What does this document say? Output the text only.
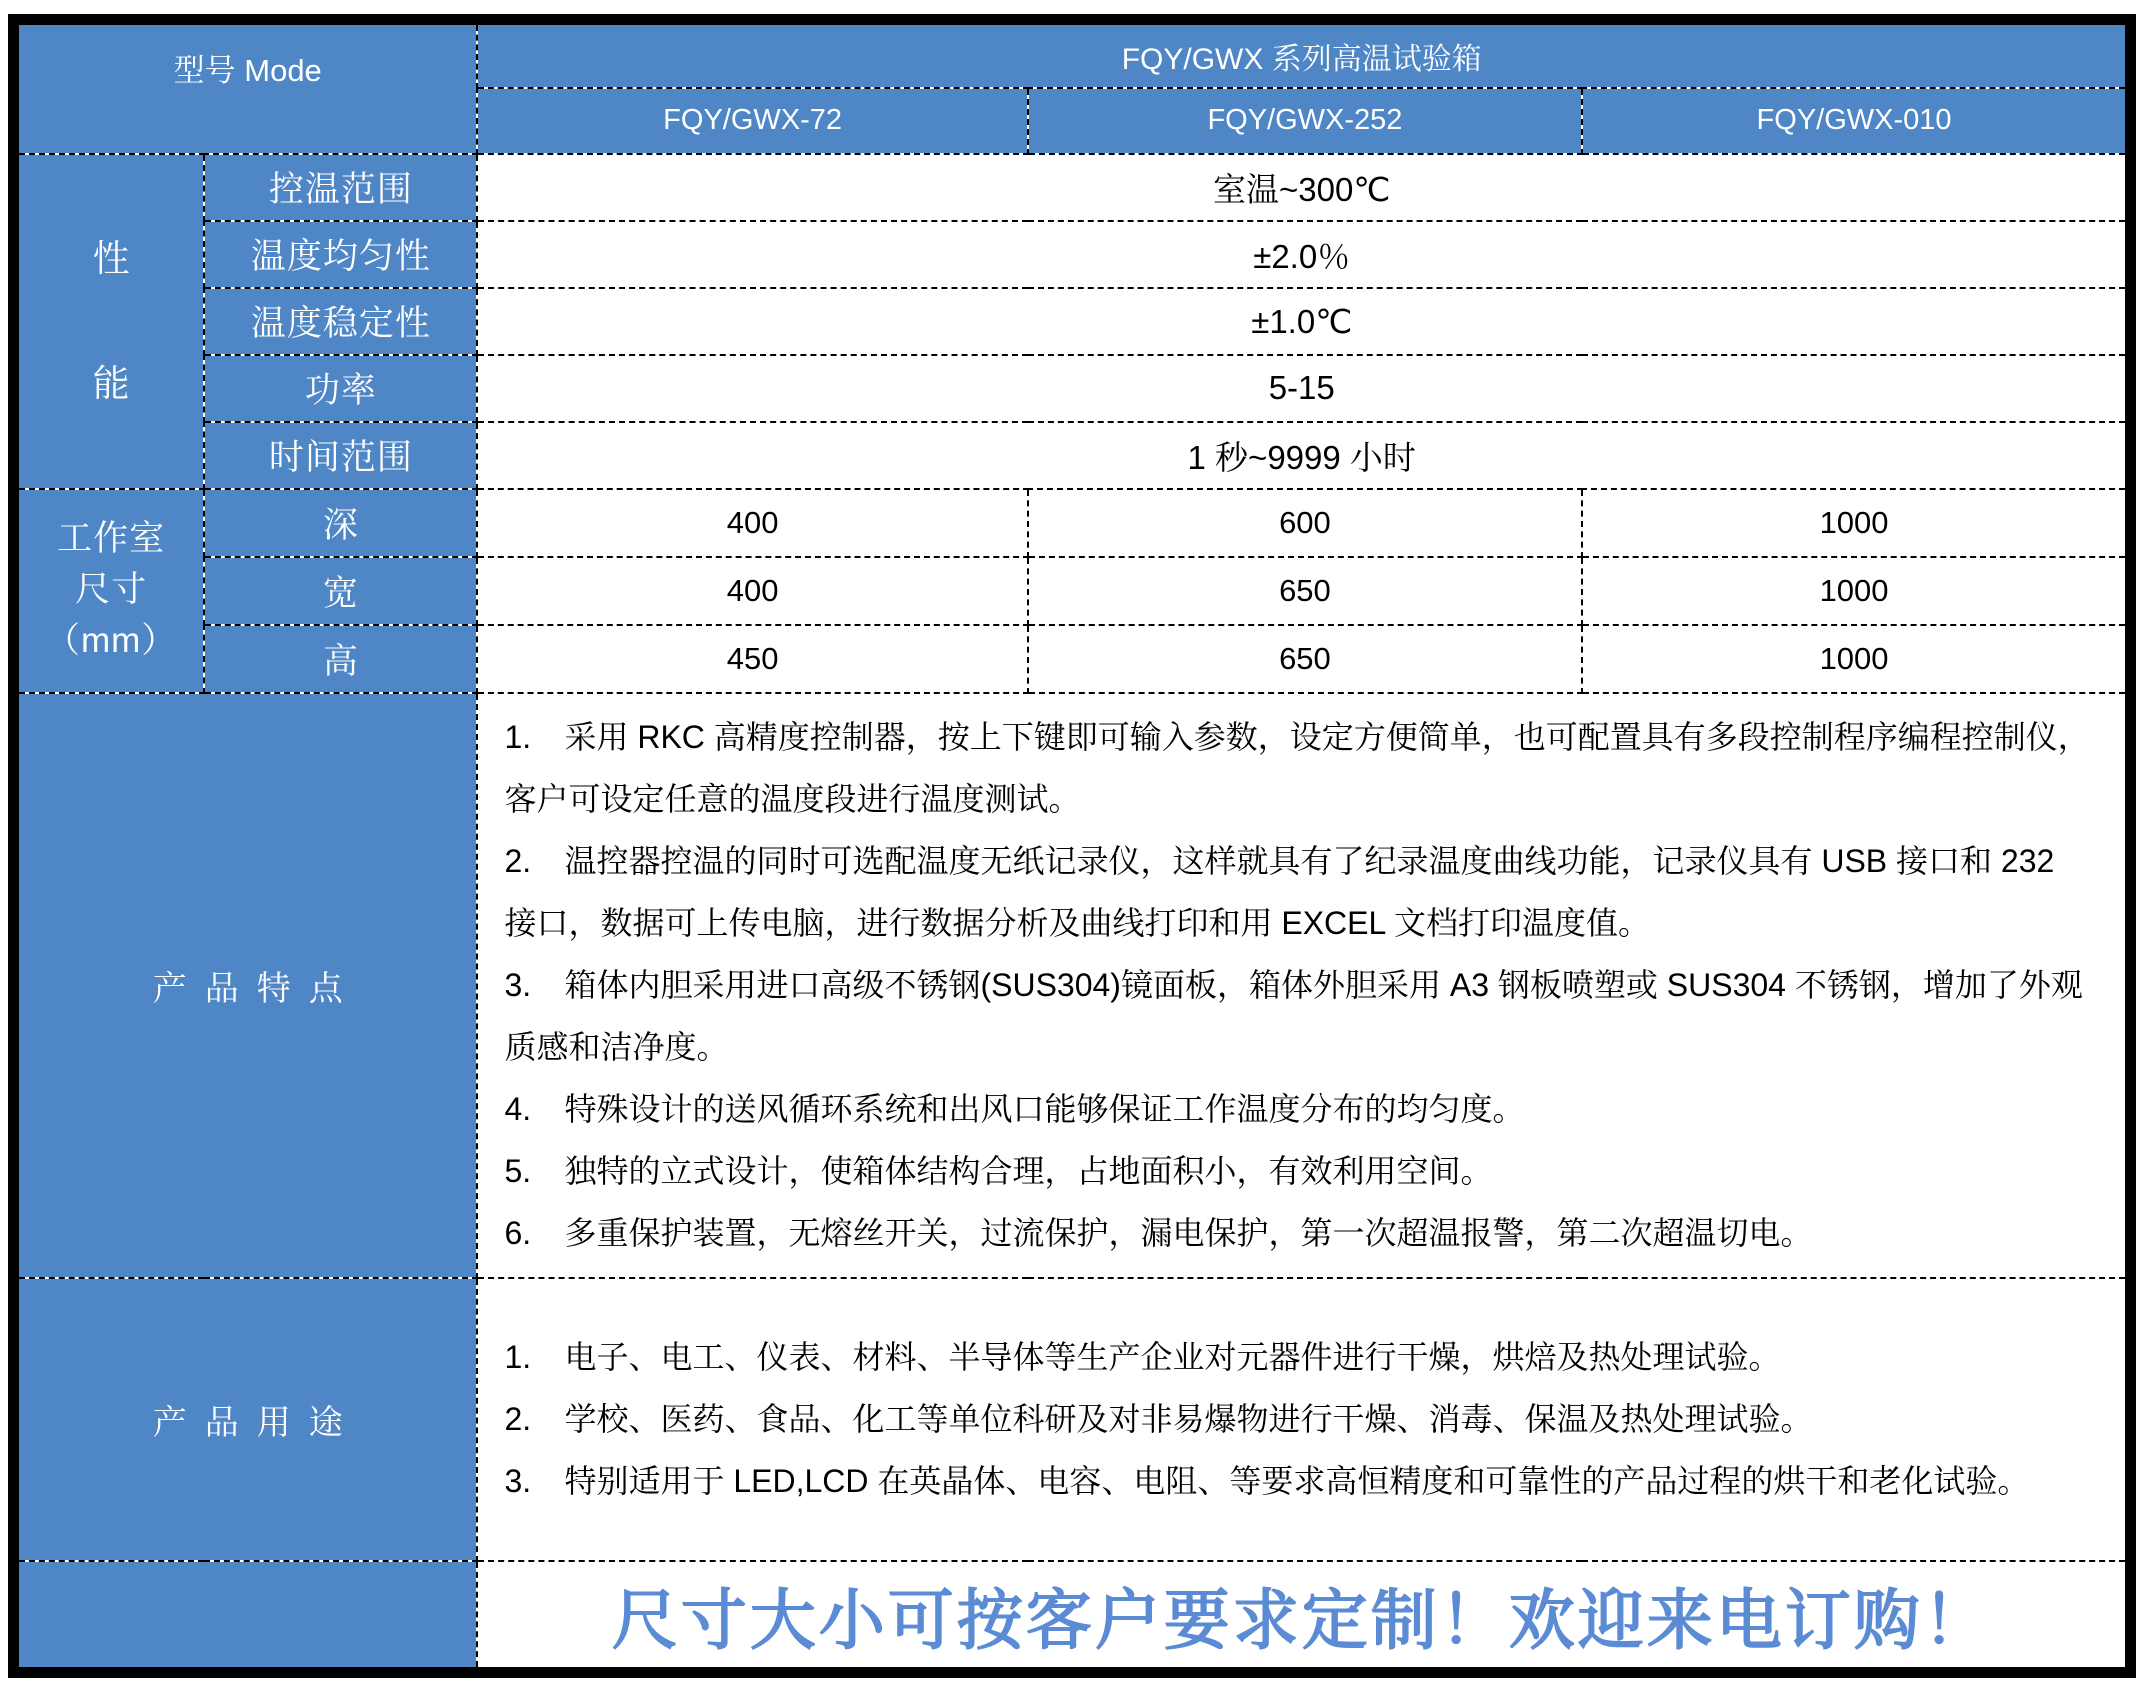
型号 Mode		FQY/GWX 系列高温试验箱		
		FQY/GWX-72	FQY/GWX-252	FQY/GWX-010

性能	控温范围	室温~300℃		
	温度均匀性	±2.0％		
	温度稳定性	±1.0℃		
	功率	5-15		
	时间范围	1 秒~9999 小时		

工作室尺寸（mm）	深	400	600	1000
	宽	400	650	1000
	高	450	650	1000
产品特点	
1. 采用 RKC 高精度控制器，按上下键即可输入参数，设定方便简单，也可配置具有多段控制程序编程控制仪，客户可设定任意的温度段进行温度测试。
2. 温控器控温的同时可选配温度无纸记录仪，这样就具有了纪录温度曲线功能，记录仪具有 USB 接口和 232 接口，数据可上传电脑，进行数据分析及曲线打印和用 EXCEL 文档打印温度值。
3. 箱体内胆采用进口高级不锈钢(SUS304)镜面板，箱体外胆采用 A3 钢板喷塑或 SUS304 不锈钢，增加了外观质感和洁净度。
4. 特殊设计的送风循环系统和出风口能够保证工作温度分布的均匀度。
5. 独特的立式设计，使箱体结构合理，占地面积小，有效利用空间。
6. 多重保护装置，无熔丝开关，过流保护，漏电保护，第一次超温报警，第二次超温切电。

产品用途		1. 电子、电工、仪表、材料、半导体等生产企业对元器件进行干燥，烘焙及热处理试验。
2. 学校、医药、食品、化工等单位科研及对非易爆物进行干燥、消毒、保温及热处理试验。
3. 特别适用于 LED,LCD 在英晶体、电容、电阻、等要求高恒精度和可靠性的产品过程的烘干和老化试验。		

		尺寸大小可按客户要求定制！欢迎来电订购！		
